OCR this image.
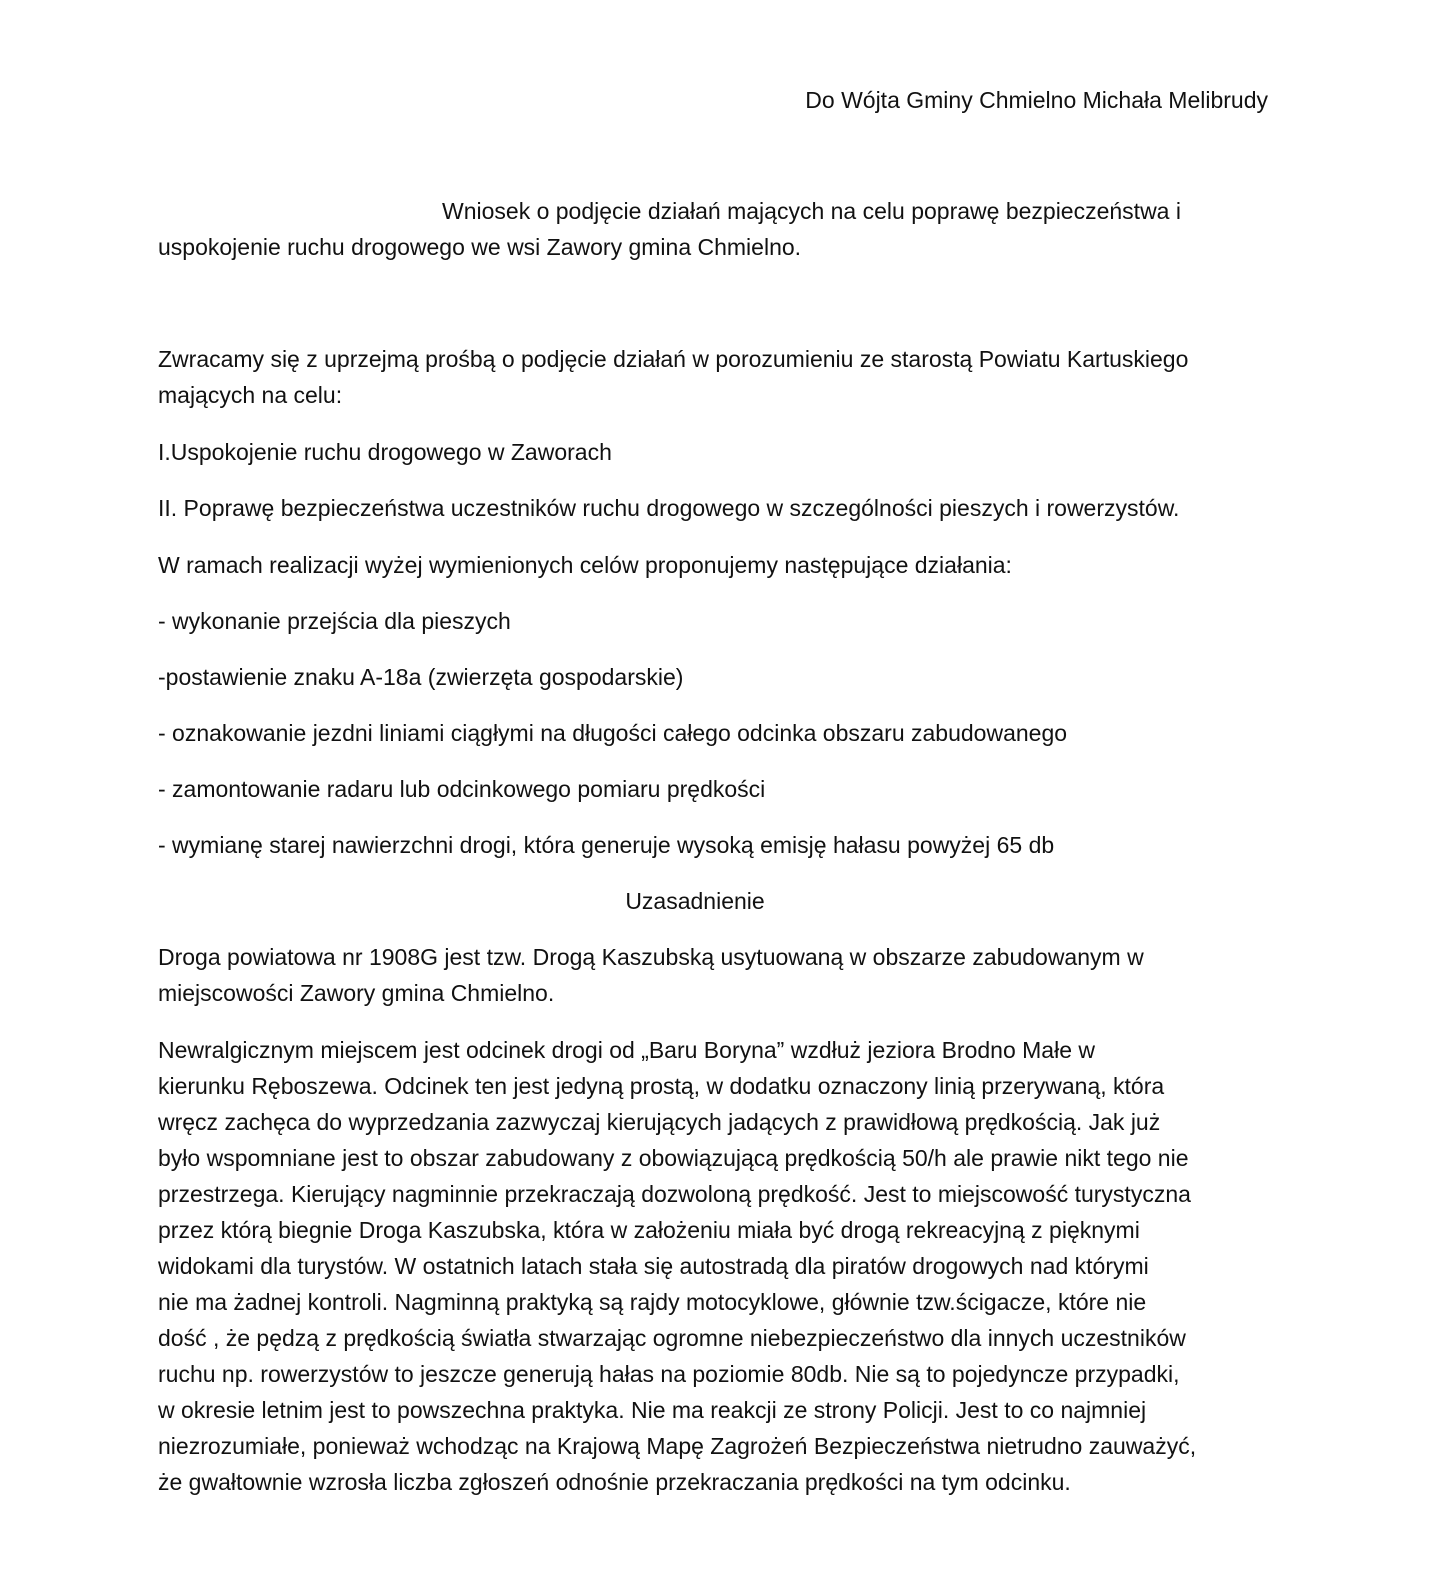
Do Wójta Gminy Chmielno Michała Melibrudy
Wniosek o podjęcie działań mających na celu poprawę bezpieczeństwa i
uspokojenie ruchu drogowego we wsi Zawory gmina Chmielno.
Zwracamy się z uprzejmą prośbą o podjęcie działań w porozumieniu ze starostą Powiatu Kartuskiego
mających na celu:
I.Uspokojenie ruchu drogowego w Zaworach
II. Poprawę bezpieczeństwa uczestników ruchu drogowego w szczególności pieszych i rowerzystów.
W ramach realizacji wyżej wymienionych celów proponujemy następujące działania:
- wykonanie przejścia dla pieszych
-postawienie znaku A-18a (zwierzęta gospodarskie)
- oznakowanie jezdni liniami ciągłymi na długości całego odcinka obszaru zabudowanego
- zamontowanie radaru lub odcinkowego pomiaru prędkości
- wymianę starej nawierzchni drogi, która generuje wysoką emisję hałasu powyżej 65 db
Uzasadnienie
Droga powiatowa nr 1908G jest tzw. Drogą Kaszubską usytuowaną w obszarze zabudowanym w
miejscowości Zawory gmina Chmielno.
Newralgicznym miejscem jest odcinek drogi od „Baru Boryna” wzdłuż jeziora Brodno Małe w
kierunku Ręboszewa. Odcinek ten jest jedyną prostą, w dodatku oznaczony linią przerywaną, która
wręcz zachęca do wyprzedzania zazwyczaj kierujących jadących z prawidłową prędkością. Jak już
było wspomniane jest to obszar zabudowany z obowiązującą prędkością 50/h ale prawie nikt tego nie
przestrzega. Kierujący nagminnie przekraczają dozwoloną prędkość. Jest to miejscowość turystyczna
przez którą biegnie Droga Kaszubska, która w założeniu miała być drogą rekreacyjną z pięknymi
widokami dla turystów. W ostatnich latach stała się autostradą dla piratów drogowych nad którymi
nie ma żadnej kontroli. Nagminną praktyką są rajdy motocyklowe, głównie tzw.ścigacze, które nie
dość , że pędzą z prędkością światła stwarzając ogromne niebezpieczeństwo dla innych uczestników
ruchu np. rowerzystów to jeszcze generują hałas na poziomie 80db. Nie są to pojedyncze przypadki,
w okresie letnim jest to powszechna praktyka. Nie ma reakcji ze strony Policji. Jest to co najmniej
niezrozumiałe, ponieważ wchodząc na Krajową Mapę Zagrożeń Bezpieczeństwa nietrudno zauważyć,
że gwałtownie wzrosła liczba zgłoszeń odnośnie przekraczania prędkości na tym odcinku.
